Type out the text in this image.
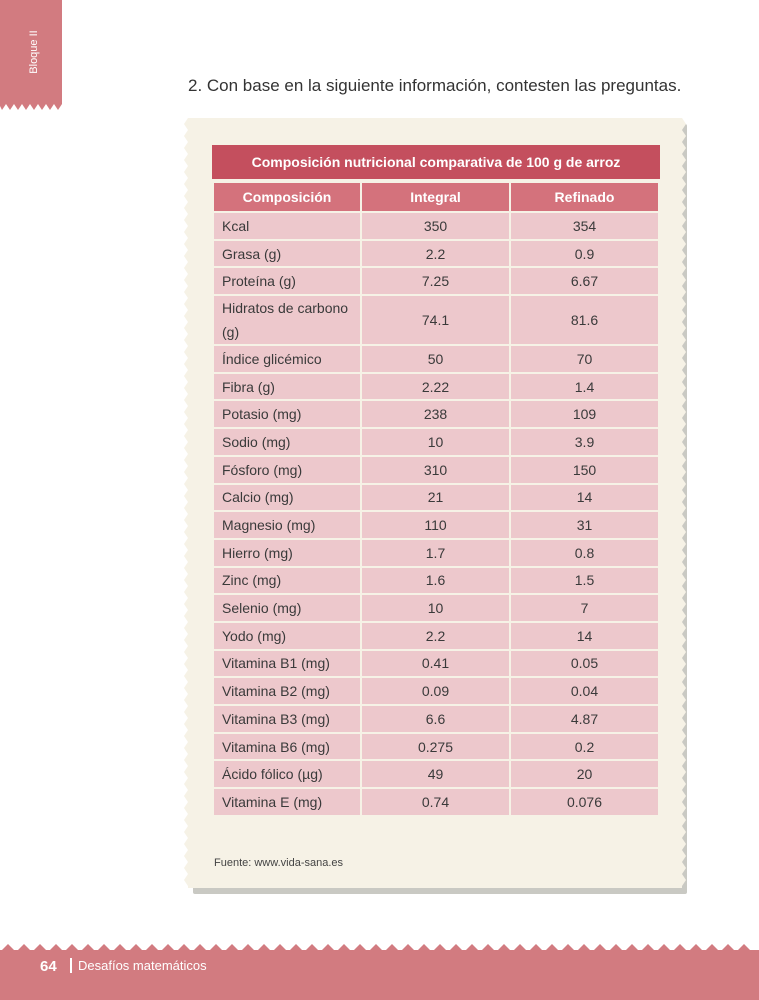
Bloque II
2. Con base en la siguiente información, contesten las preguntas.
Composición nutricional comparativa de 100 g de arroz
Composición	Integral	Refinado
Kcal	350	354
Grasa (g)	2.2	0.9
Proteína (g)	7.25	6.67
Hidratos de carbono (g)	74.1	81.6
Índice glicémico	50	70
Fibra (g)	2.22	1.4
Potasio (mg)	238	109
Sodio (mg)	10	3.9
Fósforo (mg)	310	150
Calcio (mg)	21	14
Magnesio (mg)	110	31
Hierro (mg)	1.7	0.8
Zinc (mg)	1.6	1.5
Selenio (mg)	10	7
Yodo (mg)	2.2	14
Vitamina B1 (mg)	0.41	0.05
Vitamina B2 (mg)	0.09	0.04
Vitamina B3 (mg)	6.6	4.87
Vitamina B6 (mg)	0.275	0.2
Ácido fólico (µg)	49	20
Vitamina E (mg)	0.74	0.076
Fuente: www.vida-sana.es
64 Desafíos matemáticos
